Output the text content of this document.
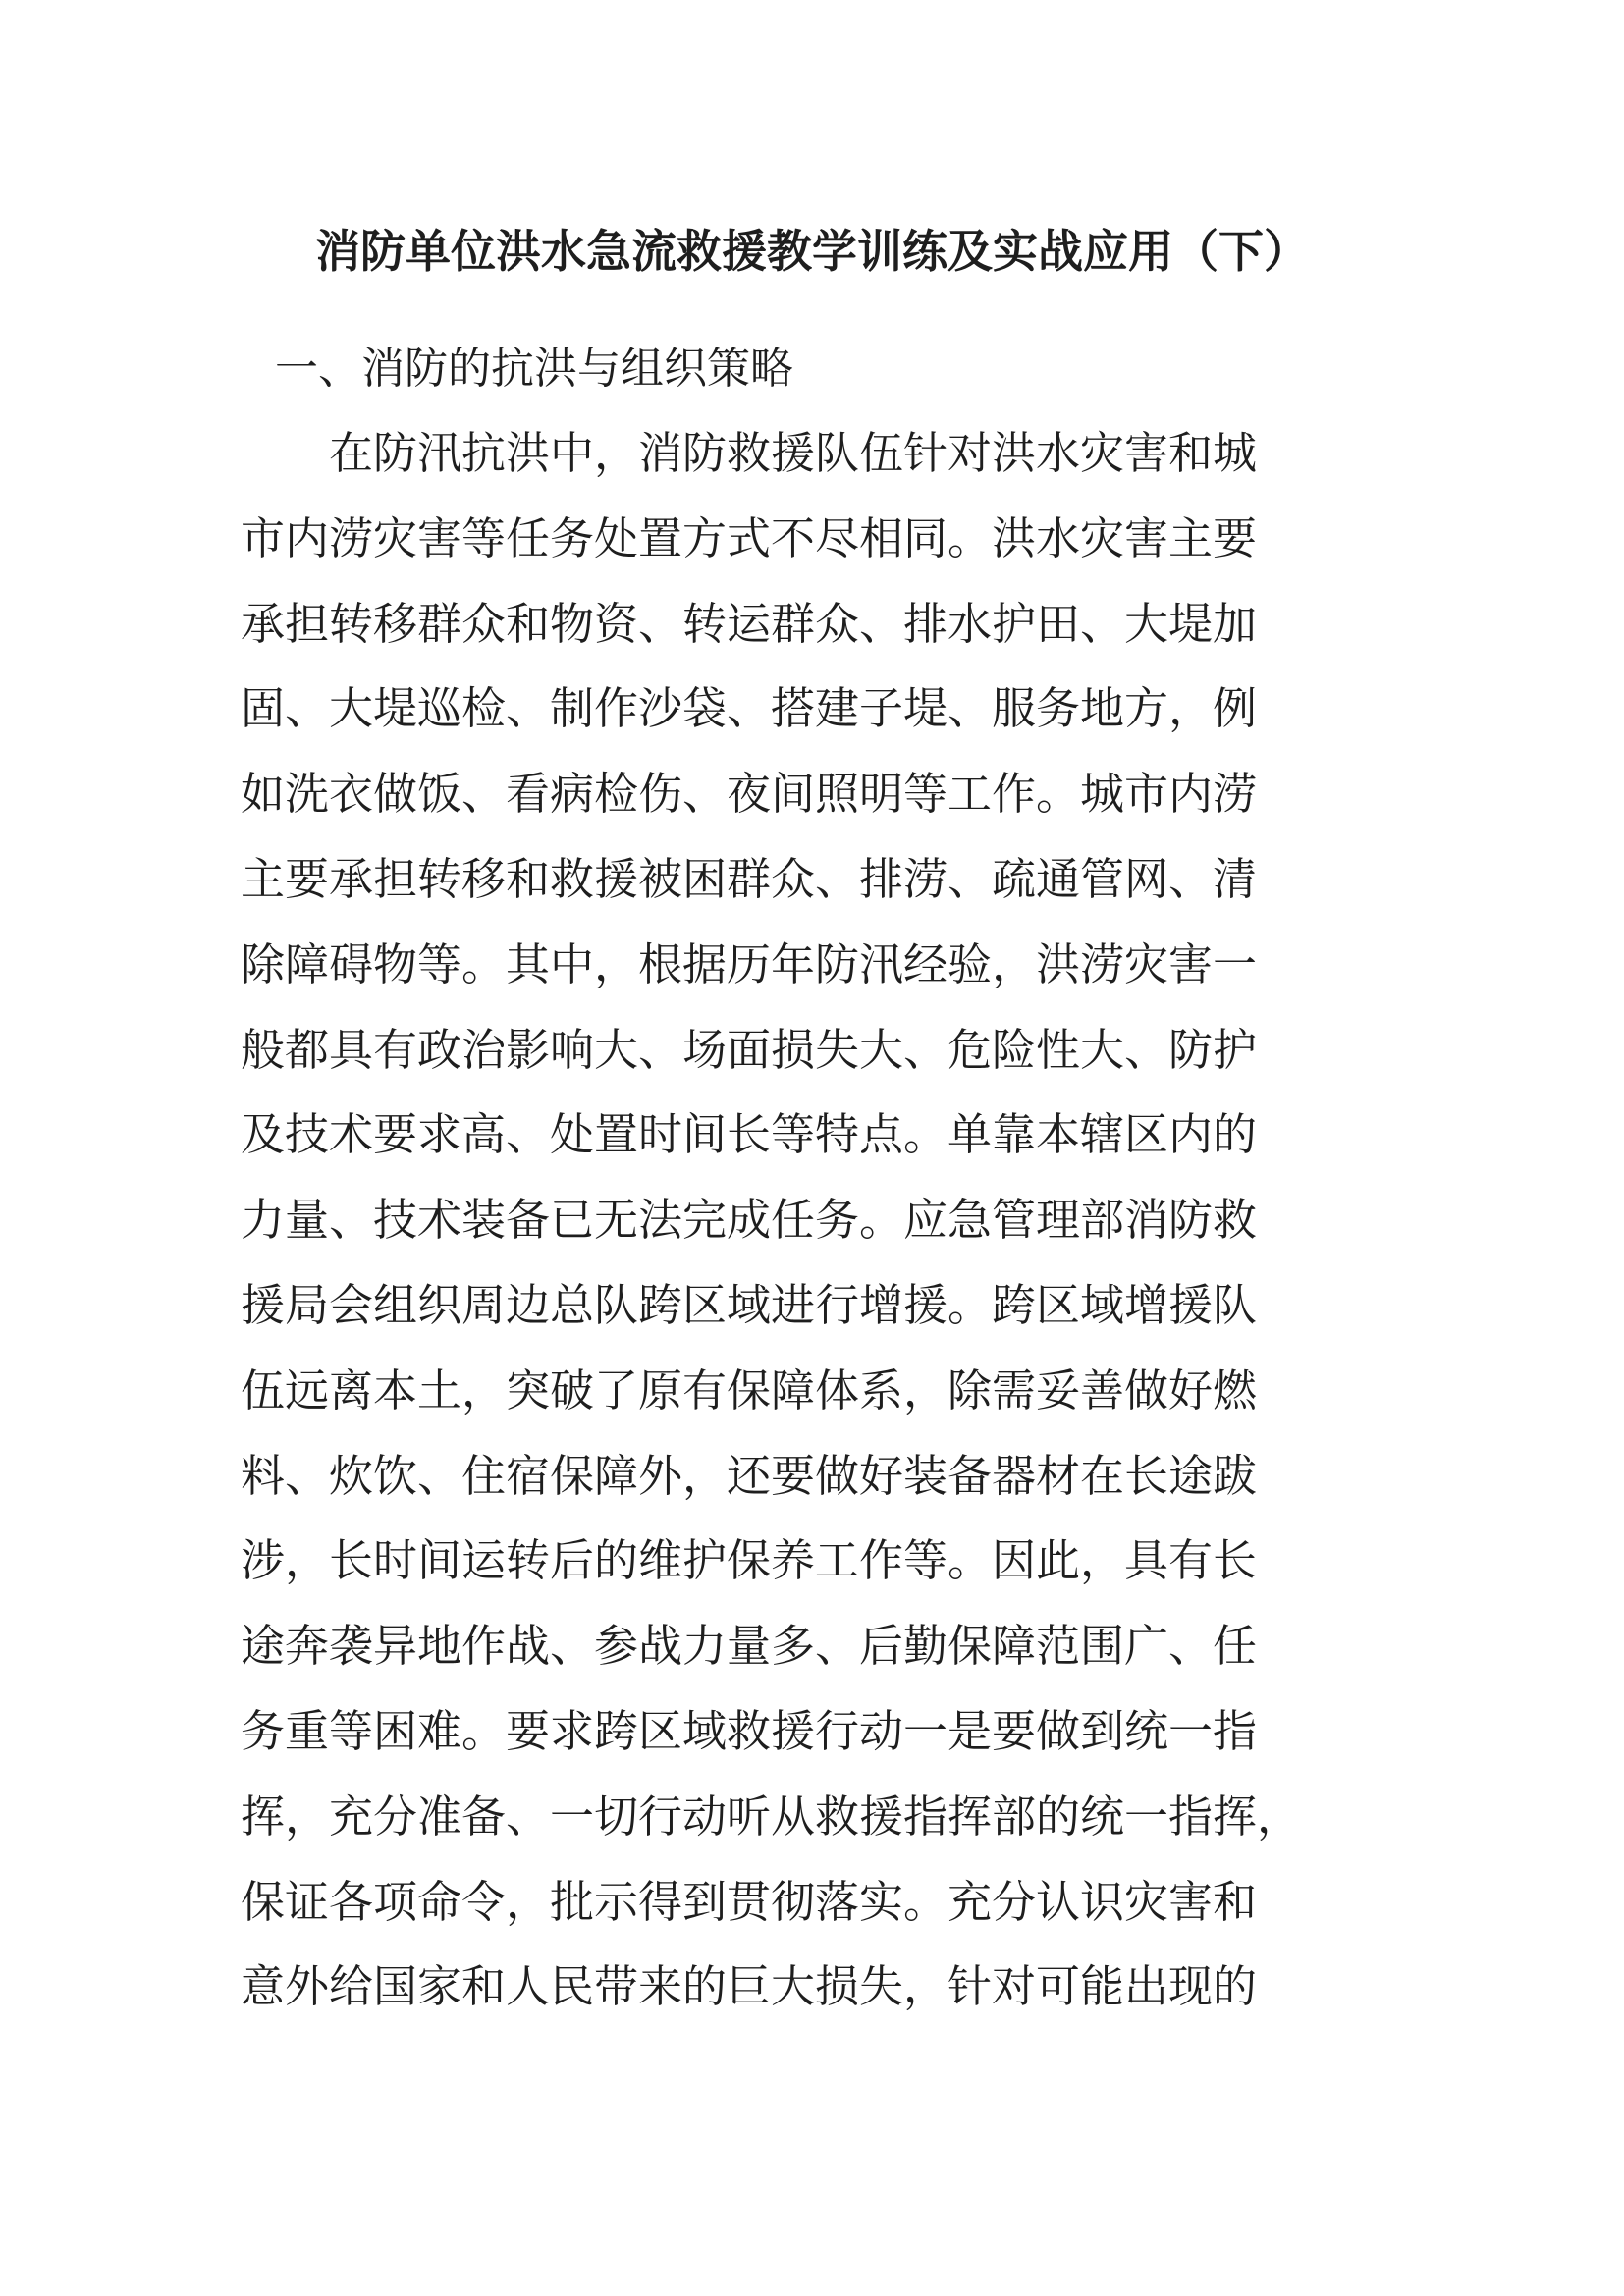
消防单位洪水急流救援教学训练及实战应用（下）
一、消防的抗洪与组织策略
在防汛抗洪中，消防救援队伍针对洪水灾害和城
市内涝灾害等任务处置方式不尽相同。洪水灾害主要
承担转移群众和物资、转运群众、排水护田、大堤加
固、大堤巡检、制作沙袋、搭建子堤、服务地方，例
如洗衣做饭、看病检伤、夜间照明等工作。城市内涝
主要承担转移和救援被困群众、排涝、疏通管网、清
除障碍物等。其中，根据历年防汛经验，洪涝灾害一
般都具有政治影响大、场面损失大、危险性大、防护
及技术要求高、处置时间长等特点。单靠本辖区内的
力量、技术装备已无法完成任务。应急管理部消防救
援局会组织周边总队跨区域进行增援。跨区域增援队
伍远离本土，突破了原有保障体系，除需妥善做好燃
料、炊饮、住宿保障外，还要做好装备器材在长途跋
涉，长时间运转后的维护保养工作等。因此，具有长
途奔袭异地作战、参战力量多、后勤保障范围广、任
务重等困难。要求跨区域救援行动一是要做到统一指
挥，充分准备、一切行动听从救援指挥部的统一指挥，
保证各项命令，批示得到贯彻落实。充分认识灾害和
意外给国家和人民带来的巨大损失，针对可能出现的
